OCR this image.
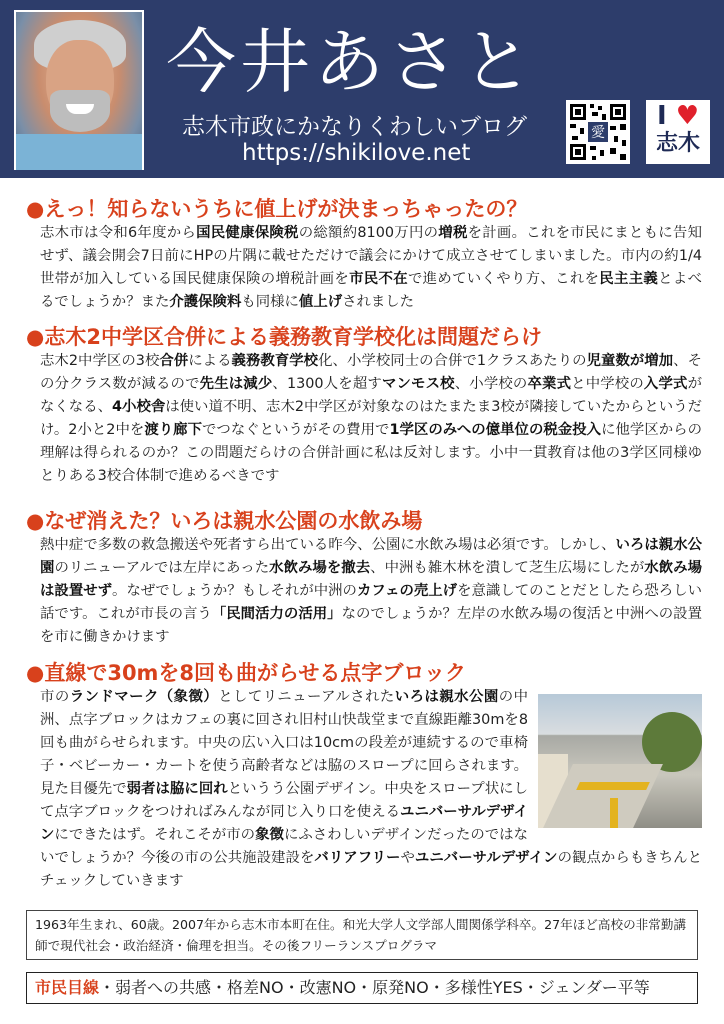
今井あさと
志木市政にかなりくわしいブログ
https://shikilove.net
愛
I ♥
志木
●えっ！知らないうちに値上げが決まっちゃったの？
志木市は令和6年度から国民健康保険税の総額約8100万円の増税を計画。これを市民にまともに告知せず、議会開会7日前にHPの片隅に載せただけで議会にかけて成立させてしまいました。市内の約1/4世帯が加入している国民健康保険の増税計画を市民不在で進めていくやり方、これを民主主義とよべるでしょうか？また介護保険料も同様に値上げされました
●志木2中学区合併による義務教育学校化は問題だらけ
志木2中学区の3校合併による義務教育学校化、小学校同士の合併で1クラスあたりの児童数が増加、その分クラス数が減るので先生は減少、1300人を超すマンモス校、小学校の卒業式と中学校の入学式がなくなる、4小校舎は使い道不明、志木2中学区が対象なのはたまたま3校が隣接していたからというだけ。2小と2中を渡り廊下でつなぐというがその費用で1学区のみへの億単位の税金投入に他学区からの理解は得られるのか？この問題だらけの合併計画に私は反対します。小中一貫教育は他の3学区同様ゆとりある3校合体制で進めるべきです
●なぜ消えた？いろは親水公園の水飲み場
熱中症で多数の救急搬送や死者すら出ている昨今、公園に水飲み場は必須です。しかし、いろは親水公園のリニューアルでは左岸にあった水飲み場を撤去、中洲も雑木林を潰して芝生広場にしたが水飲み場は設置せず。なぜでしょうか？もしそれが中洲のカフェの売上げを意識してのことだとしたら恐ろしい話です。これが市長の言う「民間活力の活用」なのでしょうか？左岸の水飲み場の復活と中洲への設置を市に働きかけます
●直線で30mを8回も曲がらせる点字ブロック
市のランドマーク（象徴）としてリニューアルされたいろは親水公園の中洲、点字ブロックはカフェの裏に回され旧村山快哉堂まで直線距離30mを8回も曲がらせられます。中央の広い入口は10cmの段差が連続するので車椅子・ベビーカー・カートを使う高齢者などは脇のスロープに回らされます。見た目優先で弱者は脇に回れというう公園デザイン。中央をスロープ状にして点字ブロックをつければみんなが同じ入り口を使えるユニバーサルデザインにできたはず。それこそが市の象徴にふさわしいデザインだったのではないでしょうか？今後の市の公共施設建設をバリアフリーやユニバーサルデザインの観点からもきちんとチェックしていきます
1963年生まれ、60歳。2007年から志木市本町在住。和光大学人文学部人間関係学科卒。27年ほど高校の非常勤講師で現代社会・政治経済・倫理を担当。その後フリーランスプログラマ
市民目線・弱者への共感・格差NO・改憲NO・原発NO・多様性YES・ジェンダー平等
